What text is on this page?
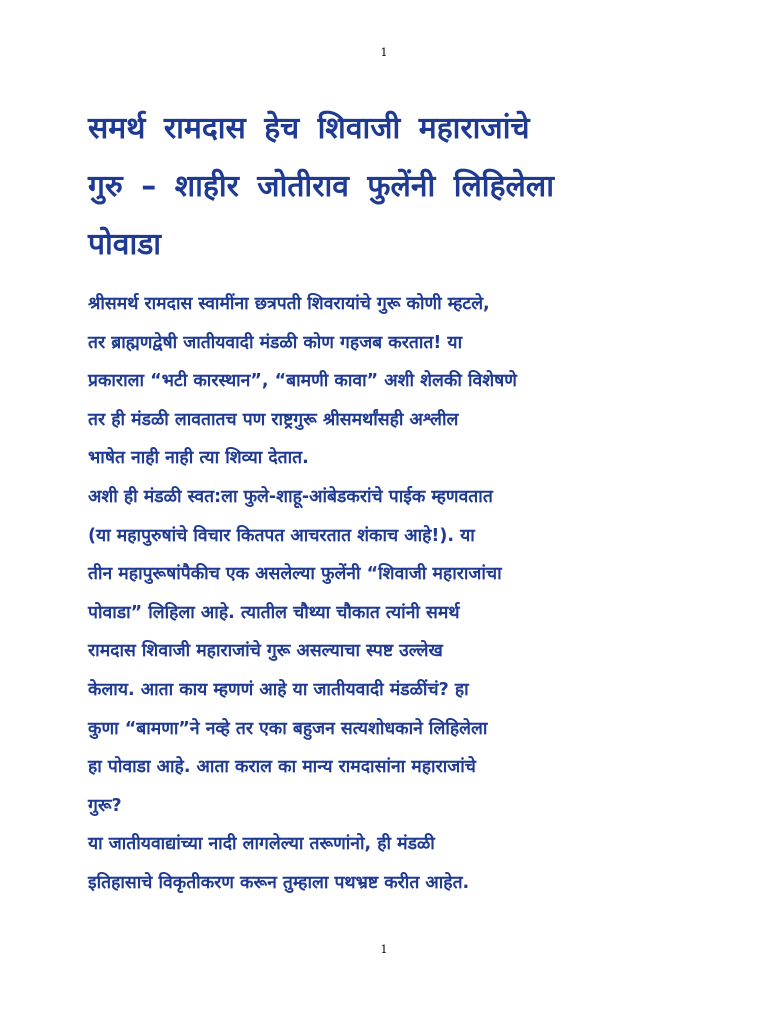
1
समर्थ रामदास हेच शिवाजी महाराजांचे
गुरु – शाहीर जोतीराव फुलेंनी लिहिलेला
पोवाडा
श्रीसमर्थ रामदास स्वामींना छत्रपती शिवरायांचे गुरू कोणी म्हटले,
तर ब्राह्मणद्वेषी जातीयवादी मंडळी कोण गहजब करतात! या
प्रकाराला “भटी कारस्थान”, “बामणी कावा” अशी शेलकी विशेषणे
तर ही मंडळी लावतातच पण राष्ट्रगुरू श्रीसमर्थांसही अश्लील
भाषेत नाही नाही त्या शिव्या देतात.
अशी ही मंडळी स्वत:ला फुले-शाहू-आंबेडकरांचे पाईक म्हणवतात
(या महापुरुषांचे विचार कितपत आचरतात शंकाच आहे!). या
तीन महापुरूषांपैकीच एक असलेल्या फुलेंनी “शिवाजी महाराजांचा
पोवाडा” लिहिला आहे. त्यातील चौथ्या चौकात त्यांनी समर्थ
रामदास शिवाजी महाराजांचे गुरू असल्याचा स्पष्ट उल्लेख
केलाय. आता काय म्हणणं आहे या जातीयवादी मंडळींचं? हा
कुणा “बामणा”ने नव्हे तर एका बहुजन सत्यशोधकाने लिहिलेला
हा पोवाडा आहे. आता कराल का मान्य रामदासांना महाराजांचे
गुरू?
या जातीयवाद्यांच्या नादी लागलेल्या तरूणांनो, ही मंडळी
इतिहासाचे विकृतीकरण करून तुम्हाला पथभ्रष्ट करीत आहेत.
1
